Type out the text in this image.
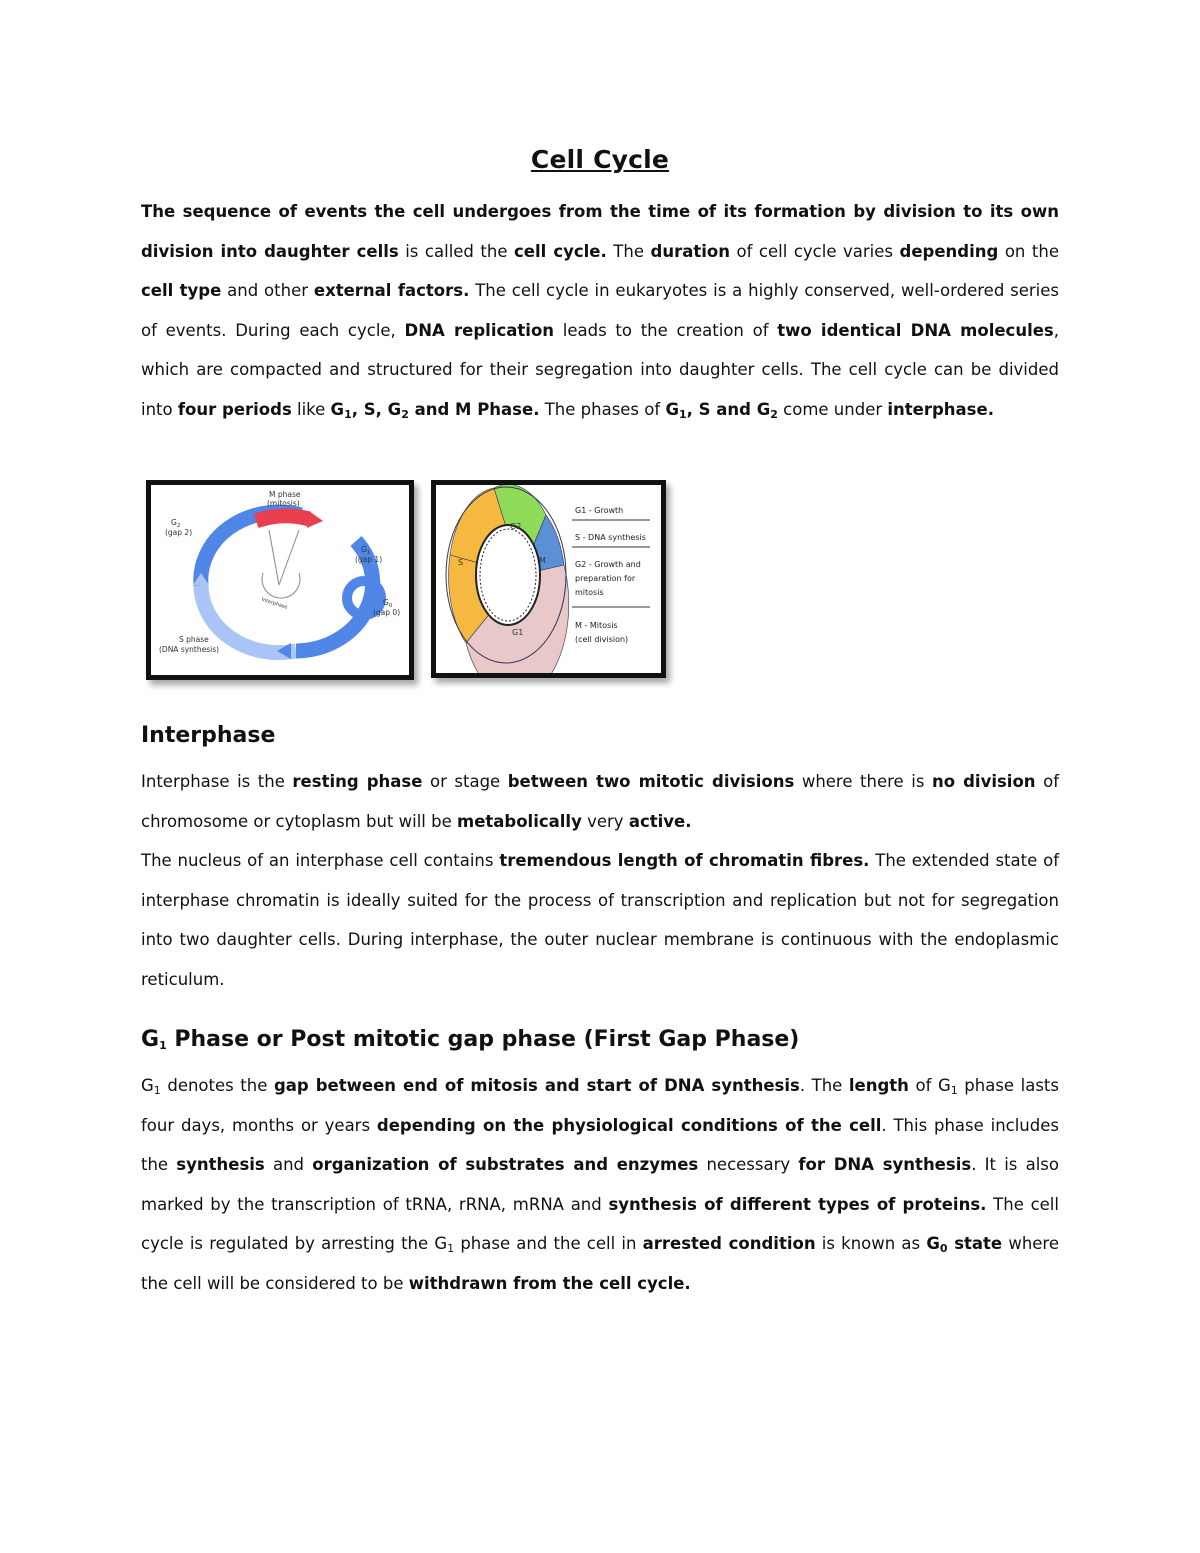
Cell Cycle
The sequence of events the cell undergoes from the time of its formation by division to its own division into daughter cells is called the cell cycle. The duration of cell cycle varies depending on the cell type and other external factors. The cell cycle in eukaryotes is a highly conserved, well-ordered series of events. During each cycle, DNA replication leads to the creation of two identical DNA molecules, which are compacted and structured for their segregation into daughter cells. The cell cycle can be divided into four periods like $G_1$, S, $G_2$ and M Phase. The phases of $G_1$, S and $G_2$ come under interphase.
M phase
(mitosis)
$G_2$
(gap 2)
$G_1$
(gap 1)
$G_0$
(gap 0)
S phase
(DNA synthesis)
Interphase
S
G2
M
G1
G1 - Growth
S - DNA synthesis
G2 - Growth and
preparation for
mitosis
M - Mitosis
(cell division)
Interphase
Interphase is the resting phase or stage between two mitotic divisions where there is no division of chromosome or cytoplasm but will be metabolically very active.
The nucleus of an interphase cell contains tremendous length of chromatin fibres. The extended state of interphase chromatin is ideally suited for the process of transcription and replication but not for segregation into two daughter cells. During interphase, the outer nuclear membrane is continuous with the endoplasmic reticulum.
$G_1$ Phase or Post mitotic gap phase (First Gap Phase)
$G_1$ denotes the gap between end of mitosis and start of DNA synthesis. The length of $G_1$ phase lasts four days, months or years depending on the physiological conditions of the cell. This phase includes the synthesis and organization of substrates and enzymes necessary for DNA synthesis. It is also marked by the transcription of tRNA, rRNA, mRNA and synthesis of different types of proteins. The cell cycle is regulated by arresting the $G_1$ phase and the cell in arrested condition is known as $G_0$ state where the cell will be considered to be withdrawn from the cell cycle.
